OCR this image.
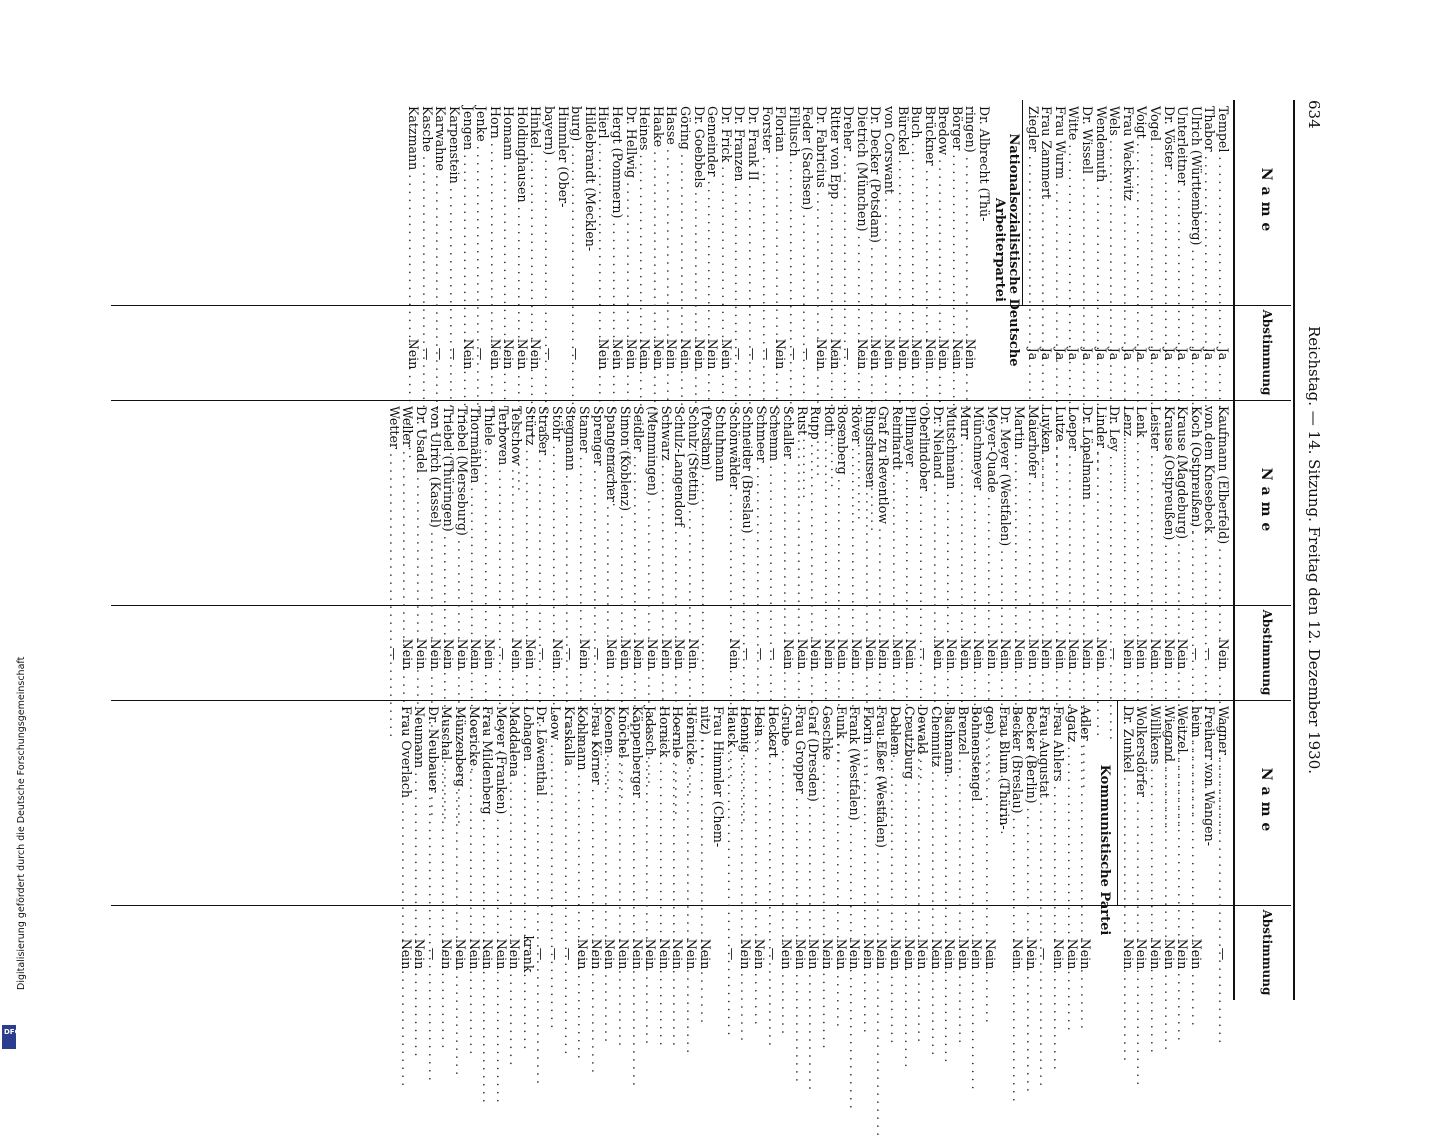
634
Reichstag. — 14. Sitzung. Freitag den 12. Dezember 1930.
Name
Abstimmung
Tempel . . .
Ja
Thabor . . .
Ja
Ulrich (Württemberg) . . .
Ja
Unterleitner . . .
Ja
Dr. Vöster . . .
Ja
Vogel . . .
Ja
Voigt . . .
Ja
Frau Wackwitz . . .
Ja
Wels . . .
Ja
Wendemuth . . .
Ja
Dr. Wissell . . .
Ja
Witte . . .
Ja
Frau Wurm . . .
Ja
Frau Zammert . . .
Ja
Ziegler . . .
Ja
Nationalsozialistische Deutsche Arbeiterpartei
Dr. Albrecht (Thü-
ringen) . . .
Nein
Börger . . .
Nein
Bredow . . .
Nein
Brückner . . .
Nein
Buch . . .
Nein
Bürckel . . .
Nein
von Corswant . . .
Nein
Dr. Decker (Potsdam) . . .
Nein
Dietrich (München) . . .
Nein
Dreher . . .
—
Ritter von Epp . . .
Nein
Dr. Fabricius . . .
Nein
Feder (Sachsen) . . .
—
Fillusch . . .
—
Florian . . .
Nein
Forster . . .
—
Dr. Frank II . . .
—
Dr. Franzen . . .
—
Dr. Frick . . .
Nein
Gemeinder . . .
Nein
Dr. Goebbels . . .
Nein
Göring . . .
Nein
Hasse . . .
Nein
Haake . . .
Nein
Heines . . .
Nein
Dr. Hellwig . . .
Nein
Hergt (Pommern) . . .
Nein
Hierl . . .
Nein
Hildebrandt (Mecklen-
burg) . . .
—
Himmler (Ober-
bayern) . . .
—
Hinkel . . .
Nein
Holdinghausen . . .
Nein
Homann . . .
Nein
Horn . . .
Nein
Jenke . . .
—
Jengen . . .
Nein
Karpenstein . . .
—
Karwahne . . .
—
Kasche . . .
—
Katzmann . . .
Nein
Name
Abstimmung
Kaufmann (Elberfeld) . . .
Nein
von dem Knesebeck . . .
—
Koch (Ostpreußen) . . .
—
Krause (Magdeburg) . . .
Nein
Krause (Ostpreußen) . . .
Nein
Leister . . .
Nein
Lenk . . .
Nein
Lenz . . .
Nein
Dr. Ley . . .
—
Linder . . .
Nein
Dr. Löpelmann . . .
Nein
Loeper . . .
Nein
Lutze . . .
Nein
Luyken . . .
Nein
Maierhofer . . .
Nein
Martin . . .
Nein
Dr. Meyer (Westfalen) . . .
Nein
Meyer-Quade . . .
Nein
Münchmeyer . . .
Nein
Murr . . .
Nein
Mutschmann . . .
Nein
Dr. Nieland . . .
Nein
Oberlindober . . .
—
Pillmayer . . .
Nein
Reinhardt . . .
Nein
Graf zu Reventlow . . .
Nein
Ringshausen . . .
Nein
Röver . . .
Nein
Rosenberg . . .
Nein
Roth . . .
Nein
Rupp . . .
Nein
Rust . . .
Nein
Schaller . . .
Nein
Schemm . . .
—
Schmeer . . .
—
Schneider (Breslau) . . .
—
Schönwälder . . .
Nein
Schuhmann
(Potsdam) . . .
Schulz (Stettin) . . .
Nein
Schulz-Langendorf . . .
Nein
Schwarz . . .
Nein
(Memmingen) . . .
Nein
Seidler . . .
Nein
Simon (Koblenz) . . .
Nein
Spangemacher . . .
Nein
Sprenger . . .
—
Stamer . . .
Nein
Stegmann . . .
—
Stöhr . . .
Nein
Straßer . . .
—
Stürtz . . .
Nein
Telschow . . .
Nein
Terboven . . .
—
Thiele . . .
Nein
Thormählen . . .
Nein
Triebel (Merseburg) . . .
Nein
Triebel (Thüringen) . . .
Nein
von Ulrich (Kassel) . . .
Nein
Dr. Usadel . . .
Nein
Weller . . .
Nein
Wetter . . .
—
Name
Abstimmung
Wagner . . .
—
Freiherr von Wangen-
heim . . .
Nein
Weitzel . . .
Nein
Wiegand . . .
Nein
Willikens . . .
Nein
Wolkersdörfer . . .
Nein
Dr. Zunkel . . .
Nein
Kommunistische Partei
Adler . . .
Nein
Agatz . . .
Nein
Frau Ahlers . . .
Nein
Frau Augustat . . .
—
Becker (Berlin) . . .
Nein
Becker (Breslau) . . .
Nein
Frau Blum (Thürin-
gen) . . .
Nein
Bohnenstengel . . .
Nein
Brenzel . . .
Nein
Buchmann . . .
Nein
Chemnitz . . .
Nein
Dewald . . .
Nein
Creutzburg . . .
Nein
Dahlem . . .
Nein
Frau Eßer (Westfalen) . . .
Nein
Florin . . .
Nein
Frank (Westfalen) . . .
Nein
Funk . . .
Nein
Geschke . . .
Nein
Graf (Dresden) . . .
Nein
Frau Gropper . . .
Nein
Grube . . .
Nein
Heckert . . .
—
Hein . . .
Nein
Hennig . . .
Nein
Hauck . . .
—
Frau Himmler (Chem-
nitz) . . .
Nein
Hörnicke . . .
Nein
Hoernle . . .
Nein
Hornick . . .
Nein
Jadasch . . .
Nein
Käppenberger . . .
Nein
Knöchel . . .
Nein
Koenen . . .
Nein
Frau Körner . . .
Nein
Kohlmann . . .
Nein
Kraskalla . . .
—
Leow . . .
—
Dr. Löwenthal . . .
—
Lohagen . . .
krank
Maddalena . . .
Nein
Meyer (Franken) . . .
Nein
Frau Mildenberg . . .
Nein
Moericke . . .
Nein
Münzenberg . . .
Nein
Muschal . . .
Nein
Dr. Neubauer . . .
—
Neumann . . .
Nein
Frau Overlach . . .
Nein
Digitalisierung gefördert durch die Deutsche Forschungsgemeinschaft
DFG
